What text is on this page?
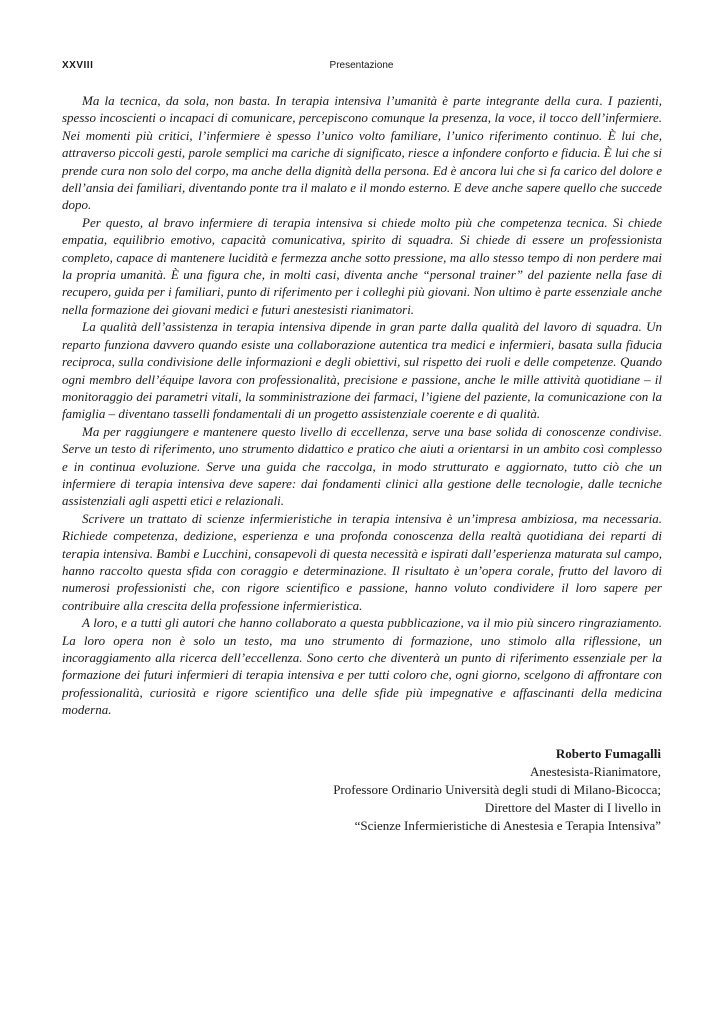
XXVIII	Presentazione

Ma la tecnica, da sola, non basta. In terapia intensiva l’umanità è parte integrante della cura. I pazienti, spesso incoscienti o incapaci di comunicare, percepiscono comunque la presenza, la voce, il tocco dell’infermiere. Nei momenti più critici, l’infermiere è spesso l’unico volto familiare, l’unico riferimento continuo. È lui che, attraverso piccoli gesti, parole semplici ma cariche di significato, riesce a infondere conforto e fiducia. È lui che si prende cura non solo del corpo, ma anche della dignità della persona. Ed è ancora lui che si fa carico del dolore e dell’ansia dei familiari, diventando ponte tra il malato e il mondo esterno. E deve anche sapere quello che succede dopo.

Per questo, al bravo infermiere di terapia intensiva si chiede molto più che competenza tecnica. Si chiede empatia, equilibrio emotivo, capacità comunicativa, spirito di squadra. Si chiede di essere un professionista completo, capace di mantenere lucidità e fermezza anche sotto pressione, ma allo stesso tempo di non perdere mai la propria umanità. È una figura che, in molti casi, diventa anche “personal trainer” del paziente nella fase di recupero, guida per i familiari, punto di riferimento per i colleghi più giovani. Non ultimo è parte essenziale anche nella formazione dei giovani medici e futuri anestesisti rianimatori.

La qualità dell’assistenza in terapia intensiva dipende in gran parte dalla qualità del lavoro di squadra. Un reparto funziona davvero quando esiste una collaborazione autentica tra medici e infermieri, basata sulla fiducia reciproca, sulla condivisione delle informazioni e degli obiettivi, sul rispetto dei ruoli e delle competenze. Quando ogni membro dell’équipe lavora con professionalità, precisione e passione, anche le mille attività quotidiane – il monitoraggio dei parametri vitali, la somministrazione dei farmaci, l’igiene del paziente, la comunicazione con la famiglia – diventano tasselli fondamentali di un progetto assistenziale coerente e di qualità.

Ma per raggiungere e mantenere questo livello di eccellenza, serve una base solida di conoscenze condivise. Serve un testo di riferimento, uno strumento didattico e pratico che aiuti a orientarsi in un ambito così complesso e in continua evoluzione. Serve una guida che raccolga, in modo strutturato e aggiornato, tutto ciò che un infermiere di terapia intensiva deve sapere: dai fondamenti clinici alla gestione delle tecnologie, dalle tecniche assistenziali agli aspetti etici e relazionali.

Scrivere un trattato di scienze infermieristiche in terapia intensiva è un’impresa ambiziosa, ma necessaria. Richiede competenza, dedizione, esperienza e una profonda conoscenza della realtà quotidiana dei reparti di terapia intensiva. Bambi e Lucchini, consapevoli di questa necessità e ispirati dall’esperienza maturata sul campo, hanno raccolto questa sfida con coraggio e determinazione. Il risultato è un’opera corale, frutto del lavoro di numerosi professionisti che, con rigore scientifico e passione, hanno voluto condividere il loro sapere per contribuire alla crescita della professione infermieristica.

A loro, e a tutti gli autori che hanno collaborato a questa pubblicazione, va il mio più sincero ringraziamento. La loro opera non è solo un testo, ma uno strumento di formazione, uno stimolo alla riflessione, un incoraggiamento alla ricerca dell’eccellenza. Sono certo che diventerà un punto di riferimento essenziale per la formazione dei futuri infermieri di terapia intensiva e per tutti coloro che, ogni giorno, scelgono di affrontare con professionalità, curiosità e rigore scientifico una delle sfide più impegnative e affascinanti della medicina moderna.

Roberto Fumagalli
Anestesista-Rianimatore,
Professore Ordinario Università degli studi di Milano-Bicocca;
Direttore del Master di I livello in
“Scienze Infermieristiche di Anestesia e Terapia Intensiva”
